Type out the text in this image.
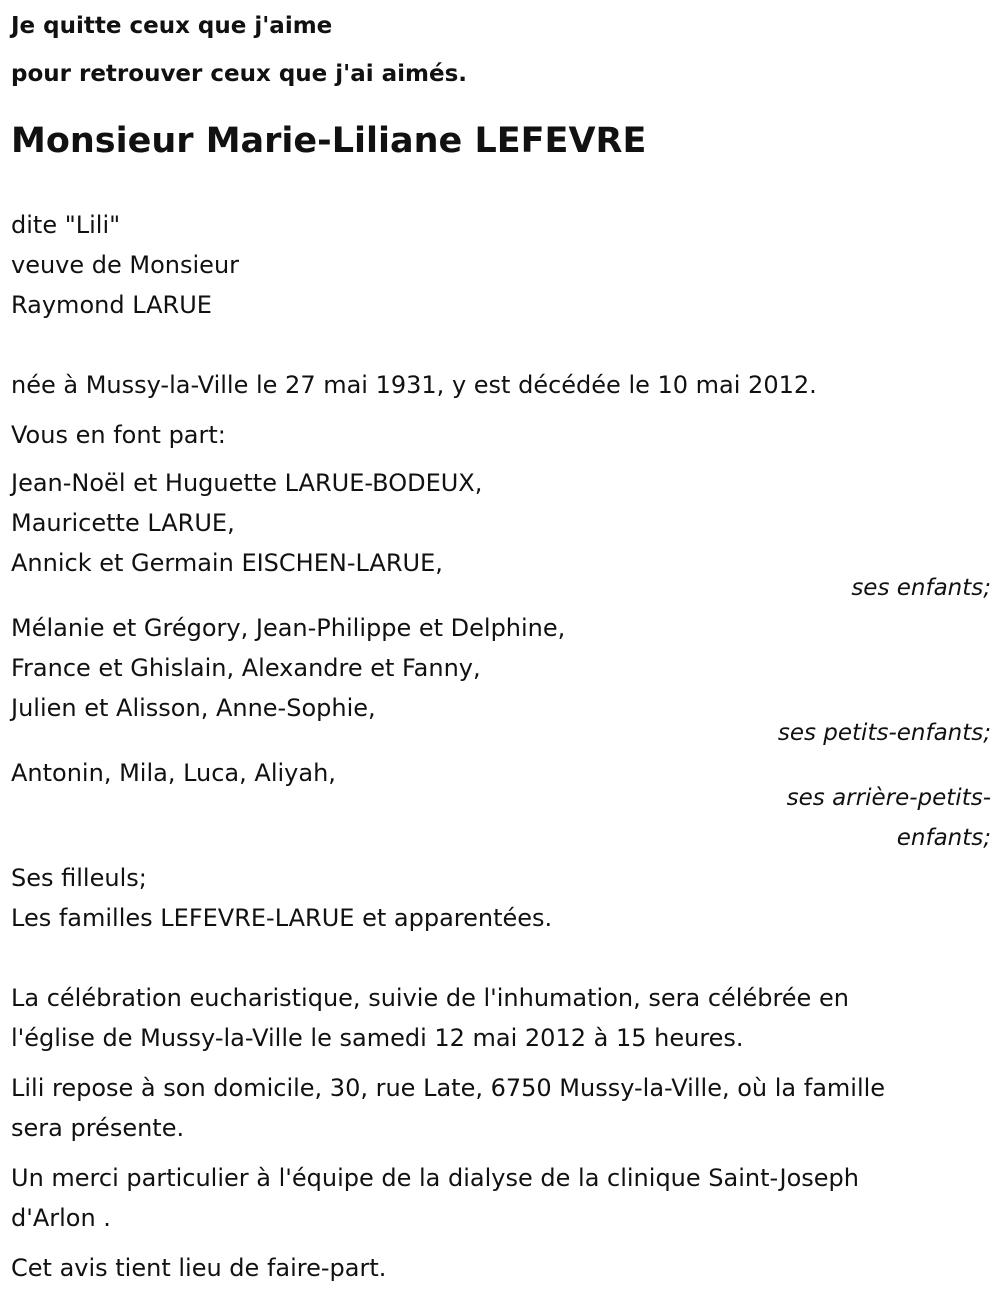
Je quitte ceux que j'aime
pour retrouver ceux que j'ai aimés.
Monsieur Marie-Liliane LEFEVRE
dite "Lili"
veuve de Monsieur
Raymond LARUE
née à Mussy-la-Ville le 27 mai 1931, y est décédée le 10 mai 2012.
Vous en font part:
Jean-Noël et Huguette LARUE-BODEUX,
Mauricette LARUE,
Annick et Germain EISCHEN-LARUE,
ses enfants;
Mélanie et Grégory, Jean-Philippe et Delphine,
France et Ghislain, Alexandre et Fanny,
Julien et Alisson, Anne-Sophie,
ses petits-enfants;
Antonin, Mila, Luca, Aliyah,
ses arrière-petits-
enfants;
Ses filleuls;
Les familles LEFEVRE-LARUE et apparentées.
La célébration eucharistique, suivie de l'inhumation, sera célébrée en
l'église de Mussy-la-Ville le samedi 12 mai 2012 à 15 heures.
Lili repose à son domicile, 30, rue Late, 6750 Mussy-la-Ville, où la famille
sera présente.
Un merci particulier à l'équipe de la dialyse de la clinique Saint-Joseph
d'Arlon .
Cet avis tient lieu de faire-part.
